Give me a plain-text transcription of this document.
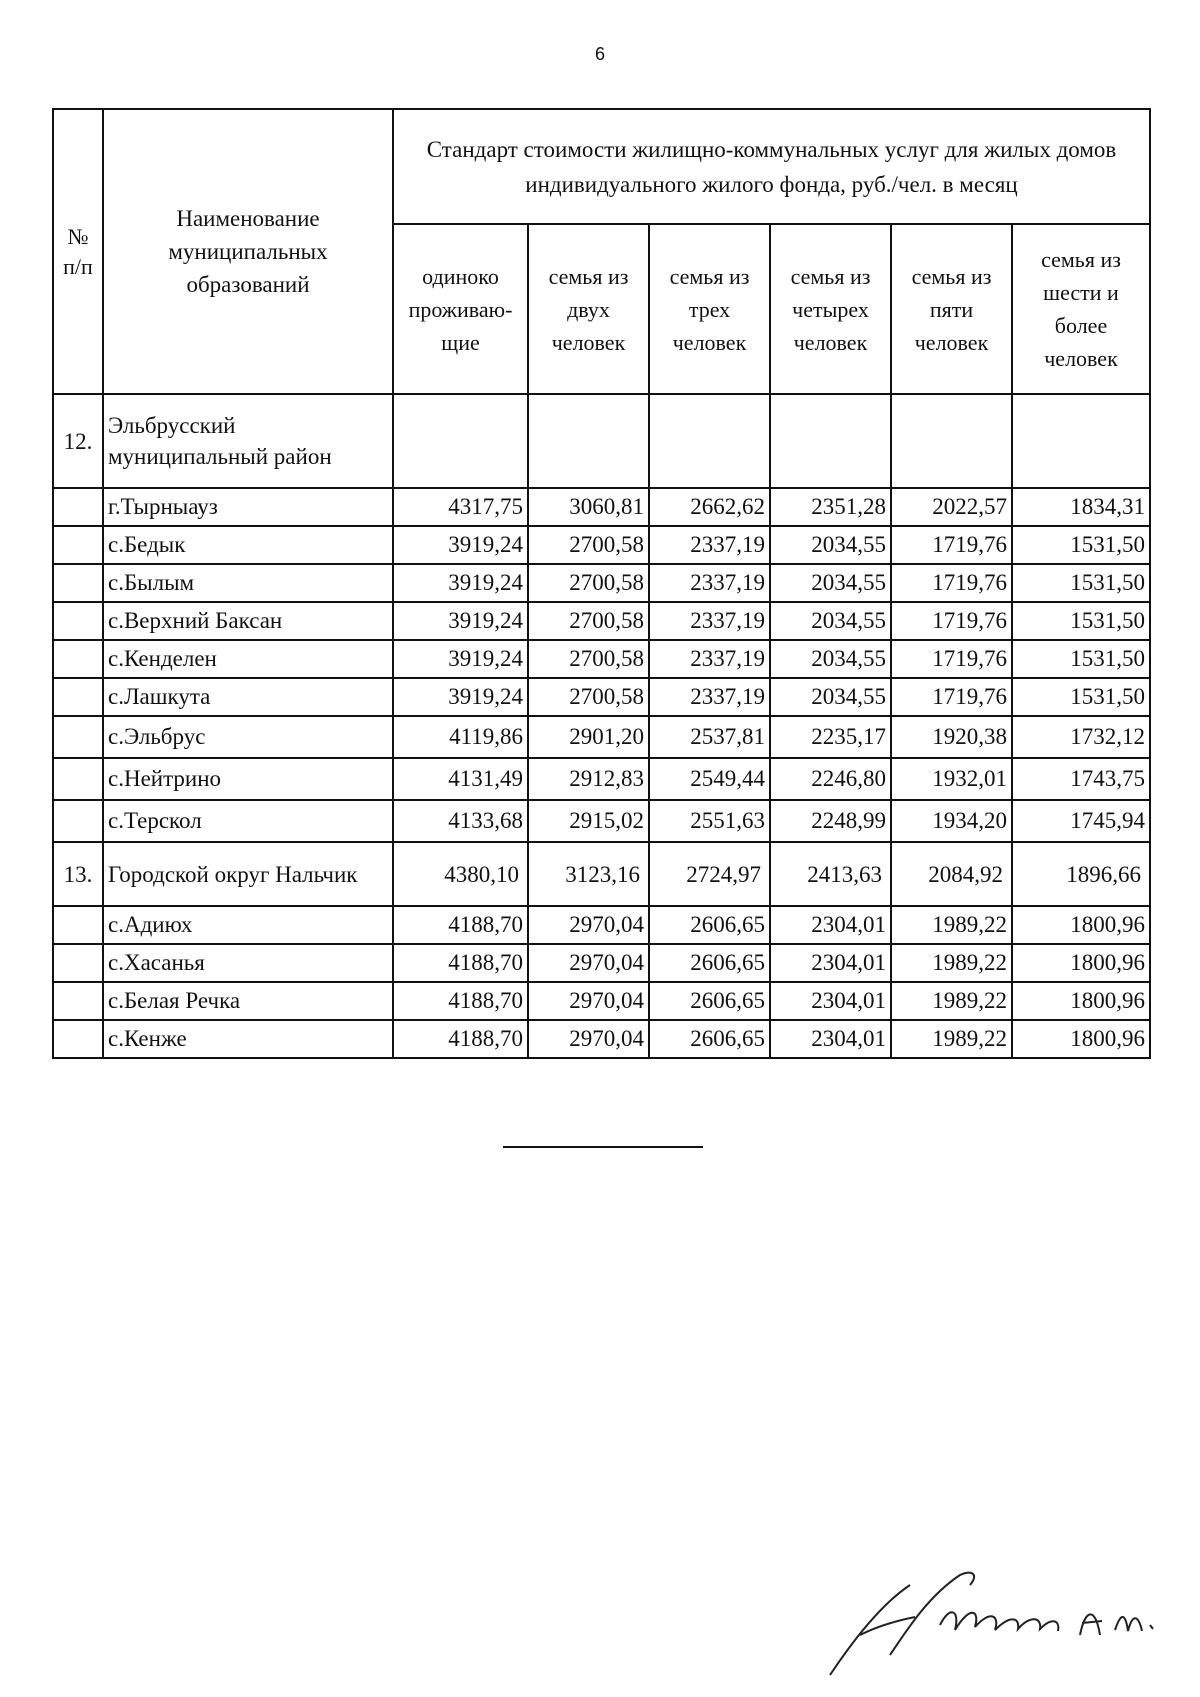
6
№ п/п	Наименование муниципальных образований	Стандарт стоимости жилищно-коммунальных услуг для жилых домов индивидуального жилого фонда, руб./чел. в месяц					
		одиноко проживаю-щие	семья из двух человек	семья из трех человек	семья из четырех человек	семья из пяти человек	семья из шести и более человек
12.	Эльбрусский муниципальный район						
	г.Тырныауз	4317,75	3060,81	2662,62	2351,28	2022,57	1834,31
	с.Бедык	3919,24	2700,58	2337,19	2034,55	1719,76	1531,50
	с.Былым	3919,24	2700,58	2337,19	2034,55	1719,76	1531,50
	с.Верхний Баксан	3919,24	2700,58	2337,19	2034,55	1719,76	1531,50
	с.Кенделен	3919,24	2700,58	2337,19	2034,55	1719,76	1531,50
	с.Лашкута	3919,24	2700,58	2337,19	2034,55	1719,76	1531,50
	с.Эльбрус	4119,86	2901,20	2537,81	2235,17	1920,38	1732,12
	с.Нейтрино	4131,49	2912,83	2549,44	2246,80	1932,01	1743,75
	с.Терскол	4133,68	2915,02	2551,63	2248,99	1934,20	1745,94
13.	Городской округ Нальчик	4380,10	3123,16	2724,97	2413,63	2084,92	1896,66
	с.Адиюх	4188,70	2970,04	2606,65	2304,01	1989,22	1800,96
	с.Хасанья	4188,70	2970,04	2606,65	2304,01	1989,22	1800,96
	с.Белая Речка	4188,70	2970,04	2606,65	2304,01	1989,22	1800,96
	с.Кенже	4188,70	2970,04	2606,65	2304,01	1989,22	1800,96
